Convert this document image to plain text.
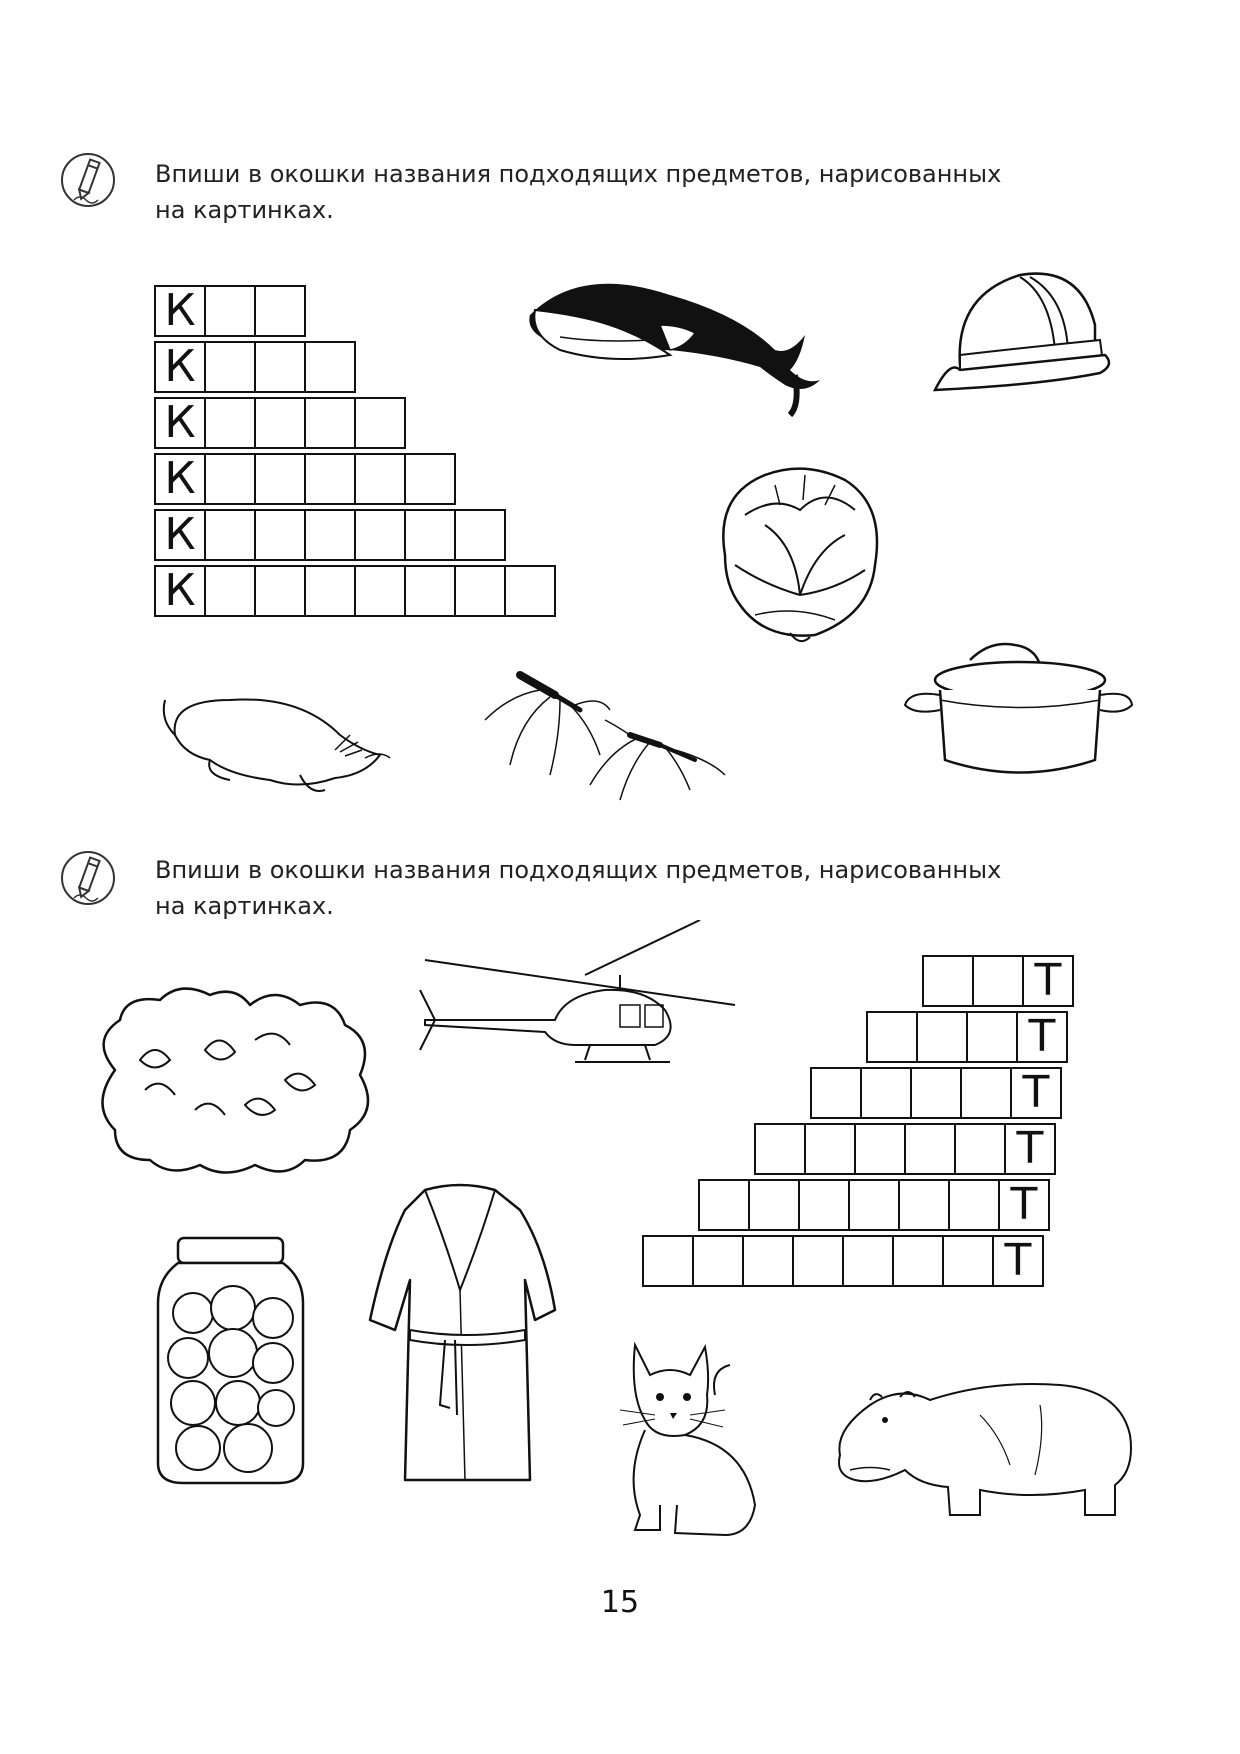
Впиши в окошки названия подходящих предметов, нарисованных
на картинках.

К
К
К
К
К
К

Впиши в окошки названия подходящих предметов, нарисованных
на картинках.

Т
Т
Т
Т
Т
Т
15
